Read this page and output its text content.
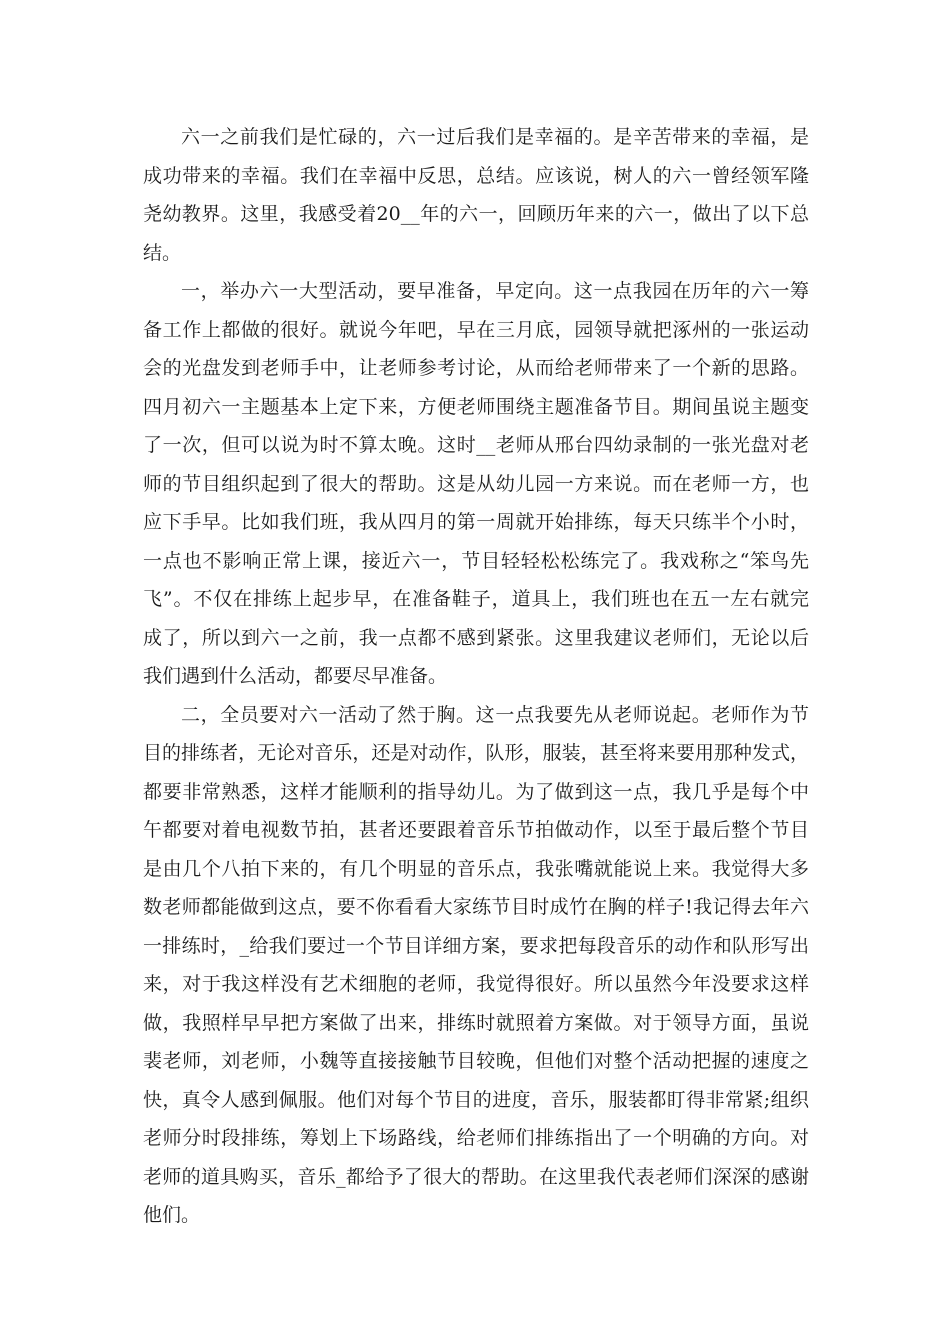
六一之前我们是忙碌的，六一过后我们是幸福的。是辛苦带来的幸福，是
成功带来的幸福。我们在幸福中反思，总结。应该说，树人的六一曾经领军隆
尧幼教界。这里，我感受着20__年的六一，回顾历年来的六一，做出了以下总
结。
一，举办六一大型活动，要早准备，早定向。这一点我园在历年的六一筹
备工作上都做的很好。就说今年吧，早在三月底，园领导就把涿州的一张运动
会的光盘发到老师手中，让老师参考讨论，从而给老师带来了一个新的思路。
四月初六一主题基本上定下来，方便老师围绕主题准备节目。期间虽说主题变
了一次，但可以说为时不算太晚。这时__老师从邢台四幼录制的一张光盘对老
师的节目组织起到了很大的帮助。这是从幼儿园一方来说。而在老师一方，也
应下手早。比如我们班，我从四月的第一周就开始排练，每天只练半个小时，
一点也不影响正常上课，接近六一，节目轻轻松松练完了。我戏称之“笨鸟先
飞”。不仅在排练上起步早，在准备鞋子，道具上，我们班也在五一左右就完
成了，所以到六一之前，我一点都不感到紧张。这里我建议老师们，无论以后
我们遇到什么活动，都要尽早准备。
二，全员要对六一活动了然于胸。这一点我要先从老师说起。老师作为节
目的排练者，无论对音乐，还是对动作，队形，服装，甚至将来要用那种发式，
都要非常熟悉，这样才能顺利的指导幼儿。为了做到这一点，我几乎是每个中
午都要对着电视数节拍，甚者还要跟着音乐节拍做动作，以至于最后整个节目
是由几个八拍下来的，有几个明显的音乐点，我张嘴就能说上来。我觉得大多
数老师都能做到这点，要不你看看大家练节目时成竹在胸的样子!我记得去年六
一排练时，_给我们要过一个节目详细方案，要求把每段音乐的动作和队形写出
来，对于我这样没有艺术细胞的老师，我觉得很好。所以虽然今年没要求这样
做，我照样早早把方案做了出来，排练时就照着方案做。对于领导方面，虽说
裴老师，刘老师，小魏等直接接触节目较晚，但他们对整个活动把握的速度之
快，真令人感到佩服。他们对每个节目的进度，音乐，服装都盯得非常紧;组织
老师分时段排练，筹划上下场路线，给老师们排练指出了一个明确的方向。对
老师的道具购买，音乐_都给予了很大的帮助。在这里我代表老师们深深的感谢
他们。
